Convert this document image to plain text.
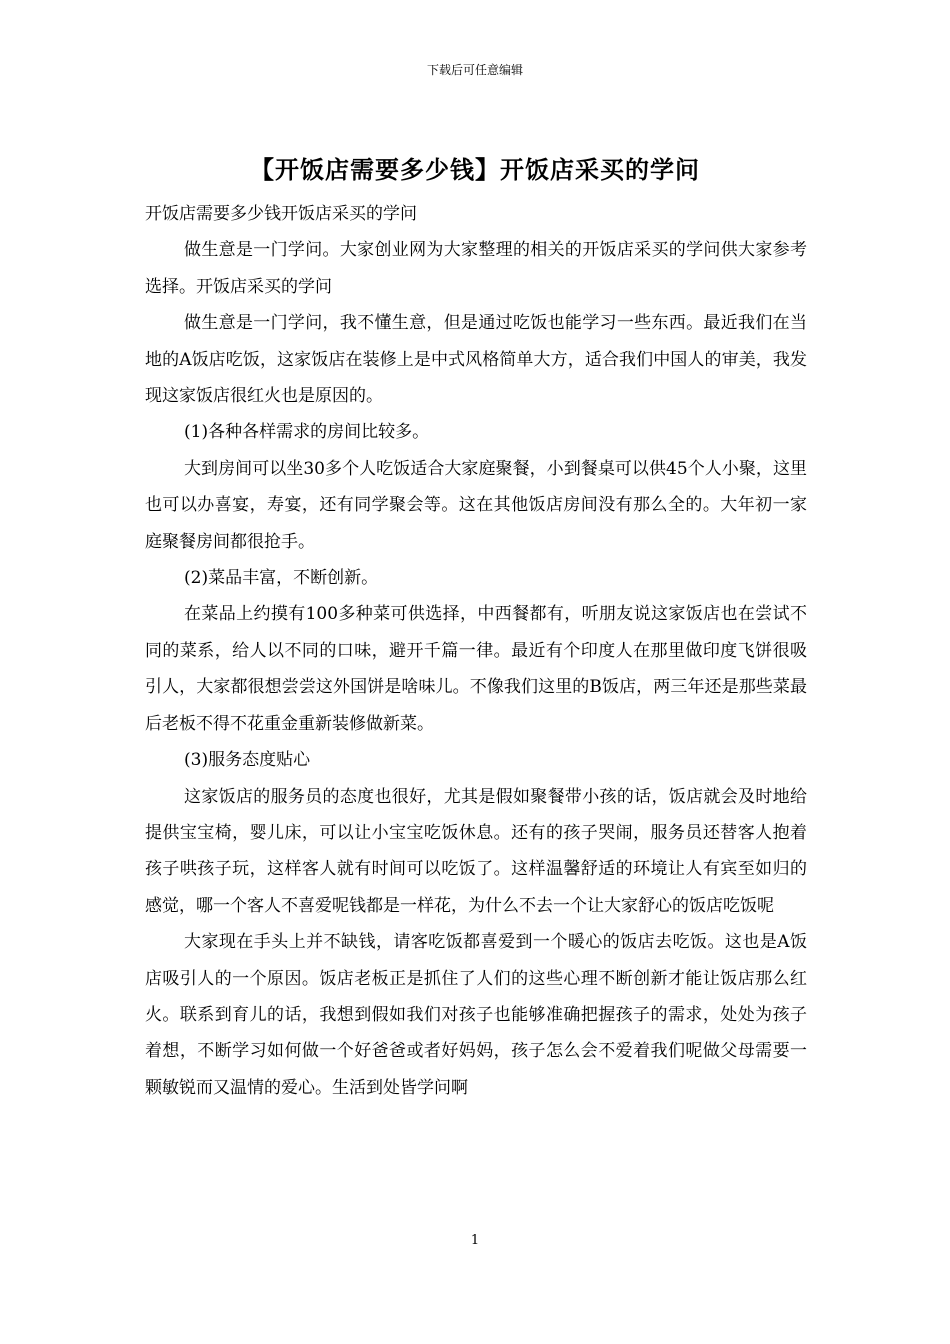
下载后可任意编辑
【开饭店需要多少钱】开饭店采买的学问

开饭店需要多少钱开饭店采买的学问

做生意是一门学问。大家创业网为大家整理的相关的开饭店采买的学问供大家参考选择。开饭店采买的学问

做生意是一门学问，我不懂生意，但是通过吃饭也能学习一些东西。最近我们在当地的A饭店吃饭，这家饭店在装修上是中式风格简单大方，适合我们中国人的审美，我发现这家饭店很红火也是原因的。

(1)各种各样需求的房间比较多。

大到房间可以坐30多个人吃饭适合大家庭聚餐，小到餐桌可以供45个人小聚，这里也可以办喜宴，寿宴，还有同学聚会等。这在其他饭店房间没有那么全的。大年初一家庭聚餐房间都很抢手。

(2)菜品丰富，不断创新。

在菜品上约摸有100多种菜可供选择，中西餐都有，听朋友说这家饭店也在尝试不同的菜系，给人以不同的口味，避开千篇一律。最近有个印度人在那里做印度飞饼很吸引人，大家都很想尝尝这外国饼是啥味儿。不像我们这里的B饭店，两三年还是那些菜最后老板不得不花重金重新装修做新菜。

(3)服务态度贴心

这家饭店的服务员的态度也很好，尤其是假如聚餐带小孩的话，饭店就会及时地给提供宝宝椅，婴儿床，可以让小宝宝吃饭休息。还有的孩子哭闹，服务员还替客人抱着孩子哄孩子玩，这样客人就有时间可以吃饭了。这样温馨舒适的环境让人有宾至如归的感觉，哪一个客人不喜爱呢钱都是一样花，为什么不去一个让大家舒心的饭店吃饭呢

大家现在手头上并不缺钱，请客吃饭都喜爱到一个暖心的饭店去吃饭。这也是A饭店吸引人的一个原因。饭店老板正是抓住了人们的这些心理不断创新才能让饭店那么红火。联系到育儿的话，我想到假如我们对孩子也能够准确把握孩子的需求，处处为孩子着想，不断学习如何做一个好爸爸或者好妈妈，孩子怎么会不爱着我们呢做父母需要一颗敏锐而又温情的爱心。生活到处皆学问啊

1
